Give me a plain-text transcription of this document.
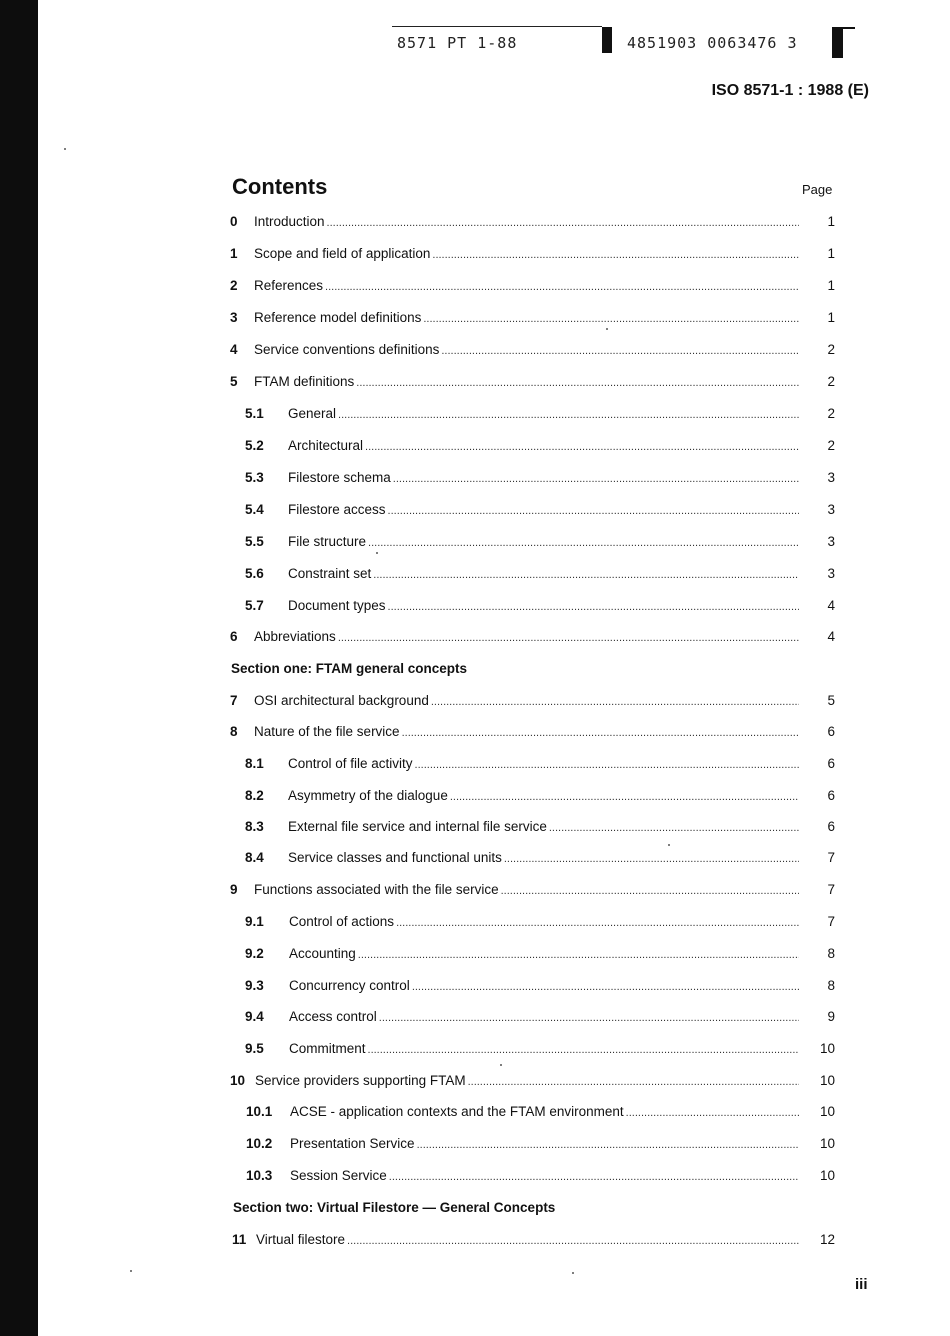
8571 PT 1-88	4851903 0063476 3
ISO 8571-1 : 1988 (E)
Contents	Page
0	Introduction .....	1
1	Scope and field of application .....	1
2	References .....	1
3	Reference model definitions .....	1
4	Service conventions definitions .....	2
5	FTAM definitions .....	2
5.1	General .....	2
5.2	Architectural .....	2
5.3	Filestore schema .....	3
5.4	Filestore access .....	3
5.5	File structure .....	3
5.6	Constraint set .....	3
5.7	Document types .....	4
6	Abbreviations .....	4
Section one: FTAM general concepts
7	OSI architectural background .....	5
8	Nature of the file service .....	6
8.1	Control of file activity .....	6
8.2	Asymmetry of the dialogue .....	6
8.3	External file service and internal file service .....	6
8.4	Service classes and functional units .....	7
9	Functions associated with the file service .....	7
9.1	Control of actions .....	7
9.2	Accounting .....	8
9.3	Concurrency control .....	8
9.4	Access control .....	9
9.5	Commitment .....	10
10 Service providers supporting FTAM .....	10
10.1	ACSE - application contexts and the FTAM environment .....	10
10.2	Presentation Service .....	10
10.3	Session Service .....	10
Section two: Virtual Filestore — General Concepts
11 Virtual filestore .....	12
iii
